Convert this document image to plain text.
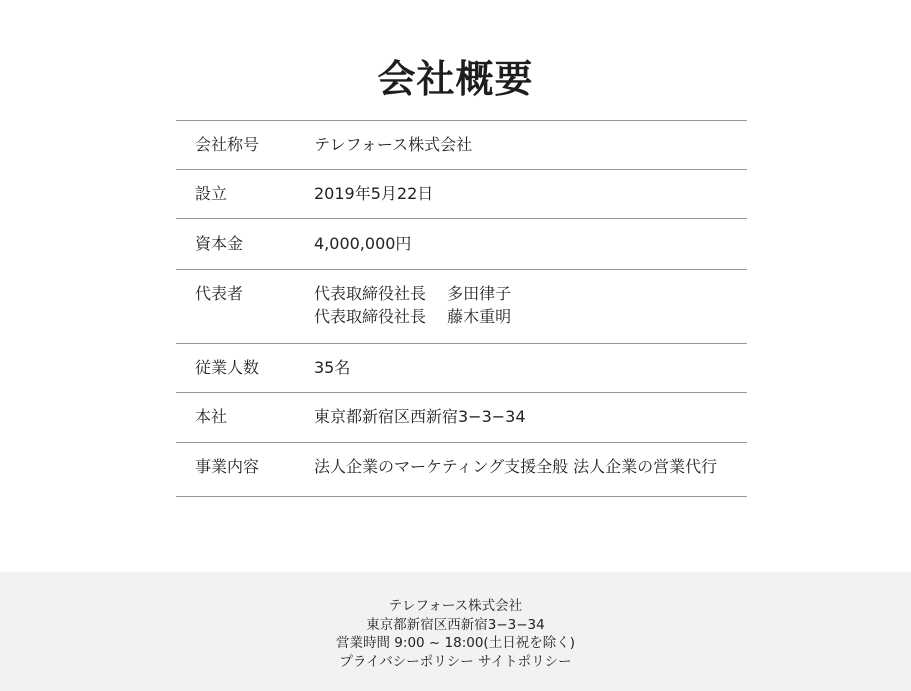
会社概要
会社称号	テレフォース株式会社
設立	2019年5月22日
資本金	4,000,000円
代表者	代表取締役社長　 多田律子
代表取締役社長　 藤木重明
従業人数	35名
本社	東京都新宿区西新宿3−3−34
事業内容	法人企業のマーケティング支援全般 法人企業の営業代行
テレフォース株式会社
東京都新宿区西新宿3−3−34
営業時間 9:00 ~ 18:00(土日祝を除く)
プライバシーポリシー サイトポリシー
